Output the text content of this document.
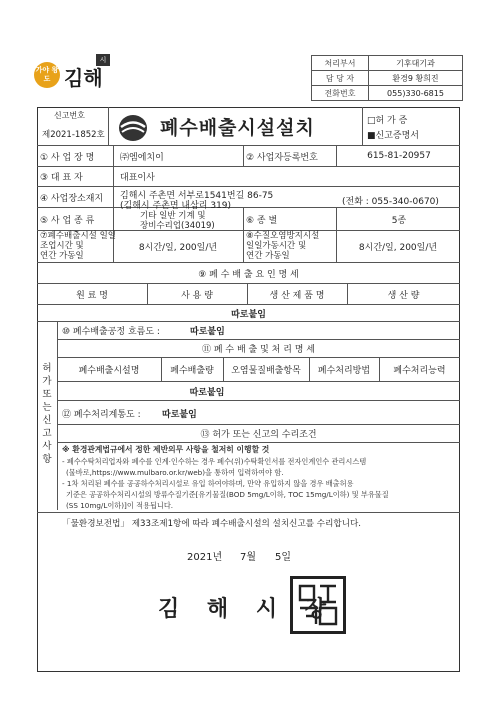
가야 왕도 김해
시	처리부서	기후대기과
담 당 자	환경9 황희진
전화번호	055)330-6815
신고번호
제2021-1852호	폐수배출시설설치	□허 가 증
■신고증명서
① 사 업 장 명	㈜엠에치이	② 사업자등록번호	615-81-20957
③ 대 표 자	대표이사
④ 사업장소재지	김해시 주촌면 서부로1541번길 86-75
(김해시 주촌면 내삼리 319)	(전화 : 055-340-0670)
⑤ 사 업 종 류	기타 일반 기계 및
장비수리업(34019)
⑥ 종 별	5종
⑦폐수배출시설 일일
조업시간 및
연간 가동일
8시간/일, 200일/년
⑧수질오염방지시설
일일가동시간 및
연간 가동일
8시간/일, 200일/년
⑨ 폐 수 배 출 요 인 명 세
원 료 명	사 용 량	생 산 제 품 명	생 산 량
따로붙임
허
가
또
는
신
고
사
항
⑩ 폐수배출공정 흐름도 :	따로붙임
⑪ 폐 수 배 출 및 처 리 명 세
폐수배출시설명	폐수배출량	오염물질배출항목	폐수처리방법	폐수처리능력
따로붙임
⑫ 폐수처리계통도 : 따로붙임
⑬ 허가 또는 신고의 수리조건
※ 환경관계법규에서 정한 제반의무 사항을 철저히 이행할 것
- 폐수수탁처리업자와 폐수를 인계·인수하는 경우 폐수(위)수탁확인서를 전자인계인수 관리시스템
(물바로,https://www.mulbaro.or.kr/web)을 통하여 입력하여야 함.
- 1차 처리된 폐수를 공공하수처리시설로 유입 하여야하며, 만약 유입하지 않을 경우 배출허용
기준은 공공하수처리시설의 방류수질기준[유기물질(BOD 5mg/L이하, TOC 15mg/L이하) 및 부유물질
(SS 10mg/L이하)]이 적용됩니다.
「물환경보전법」 제33조제1항에 따라 폐수배출시설의 설치신고를 수리합니다.
2021년 7월 5일
김 해 시 장
